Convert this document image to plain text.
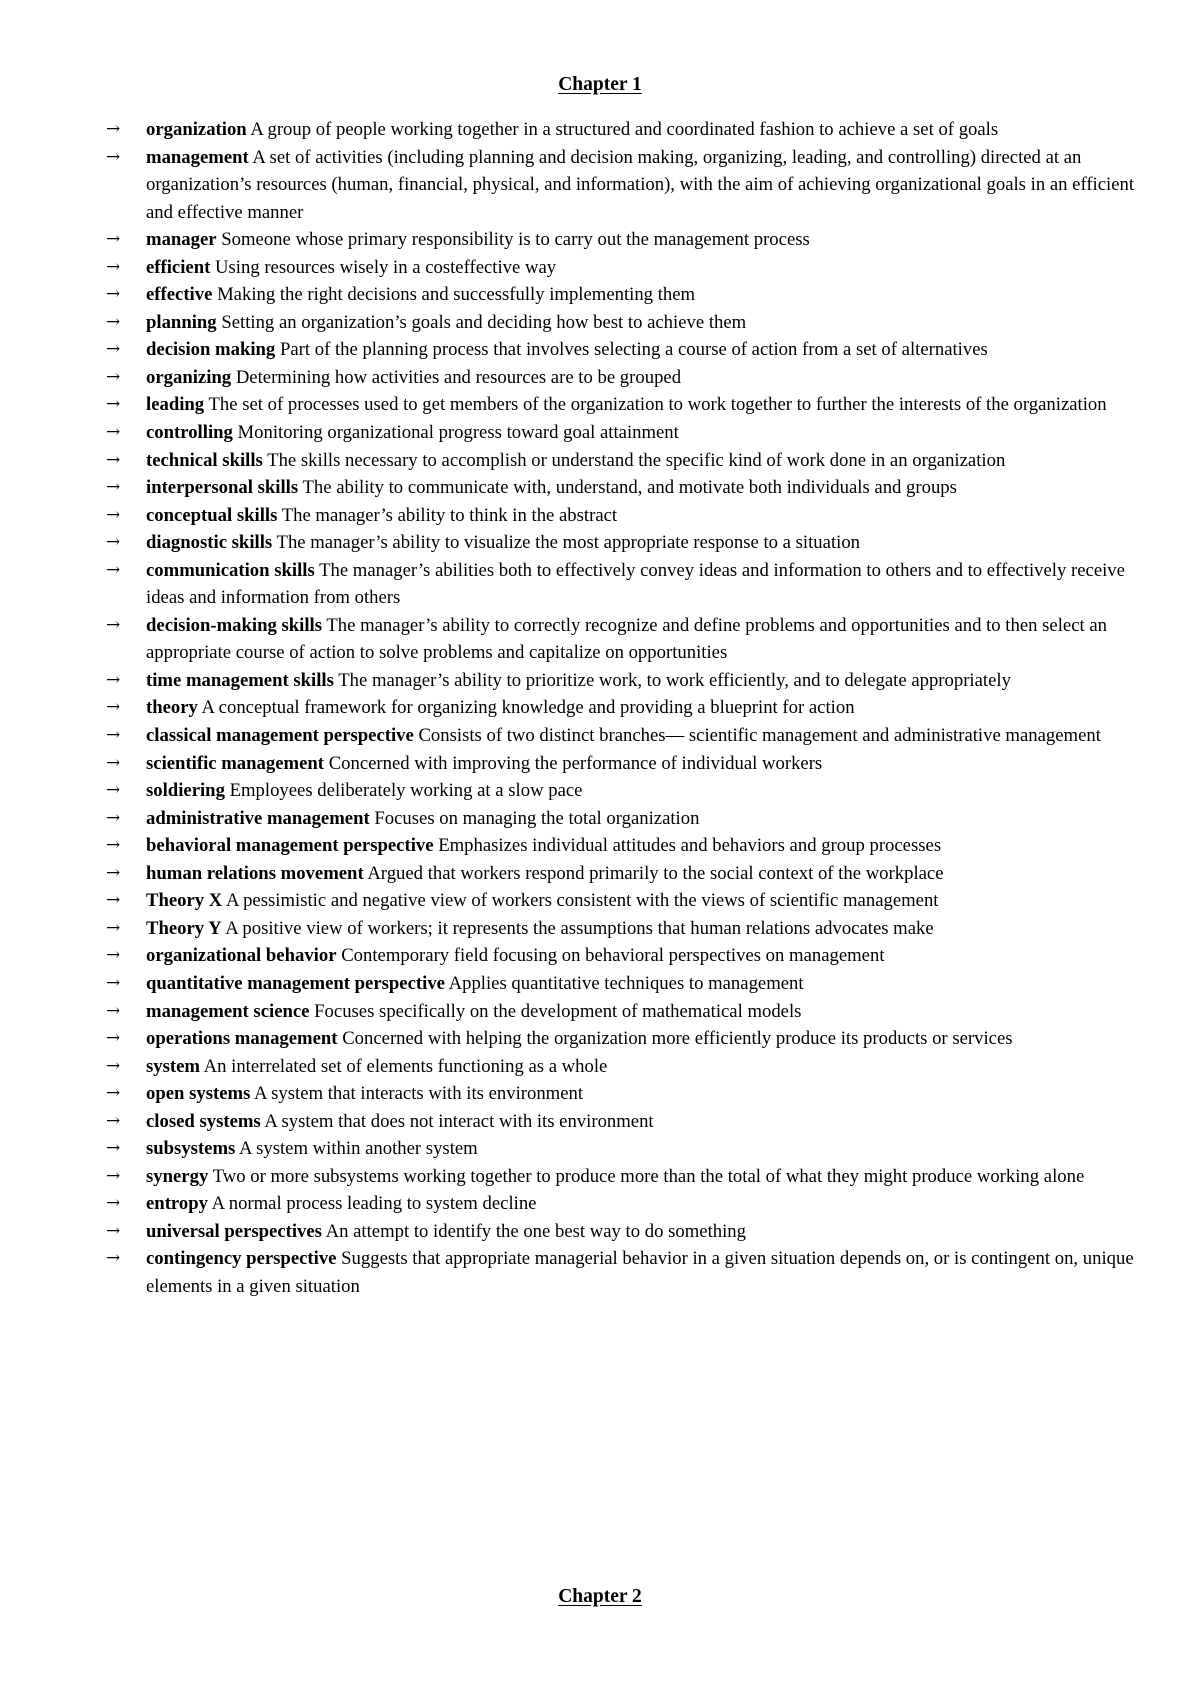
Chapter 1
→	organization A group of people working together in a structured and coordinated fashion to achieve a set of goals
→	management A set of activities (including planning and decision making, organizing, leading, and controlling) directed at an organization’s resources (human, financial, physical, and information), with the aim of achieving organizational goals in an efficient and effective manner
→	manager Someone whose primary responsibility is to carry out the management process
→	efficient Using resources wisely in a costeffective way
→	effective Making the right decisions and successfully implementing them
→	planning Setting an organization’s goals and deciding how best to achieve them
→	decision making Part of the planning process that involves selecting a course of action from a set of alternatives
→	organizing Determining how activities and resources are to be grouped
→	leading The set of processes used to get members of the organization to work together to further the interests of the organization
→	controlling Monitoring organizational progress toward goal attainment
→	technical skills The skills necessary to accomplish or understand the specific kind of work done in an organization
→	interpersonal skills The ability to communicate with, understand, and motivate both individuals and groups
→	conceptual skills The manager’s ability to think in the abstract
→	diagnostic skills The manager’s ability to visualize the most appropriate response to a situation
→	communication skills The manager’s abilities both to effectively convey ideas and information to others and to effectively receive ideas and information from others
→	decision-making skills The manager’s ability to correctly recognize and define problems and opportunities and to then select an appropriate course of action to solve problems and capitalize on opportunities
→	time management skills The manager’s ability to prioritize work, to work efficiently, and to delegate appropriately
→	theory A conceptual framework for organizing knowledge and providing a blueprint for action
→	classical management perspective Consists of two distinct branches— scientific management and administrative management
→	scientific management Concerned with improving the performance of individual workers
→	soldiering Employees deliberately working at a slow pace
→	administrative management Focuses on managing the total organization
→	behavioral management perspective Emphasizes individual attitudes and behaviors and group processes
→	human relations movement Argued that workers respond primarily to the social context of the workplace
→	Theory X A pessimistic and negative view of workers consistent with the views of scientific management
→	Theory Y A positive view of workers; it represents the assumptions that human relations advocates make
→	organizational behavior Contemporary field focusing on behavioral perspectives on management
→	quantitative management perspective Applies quantitative techniques to management
→	management science Focuses specifically on the development of mathematical models
→	operations management Concerned with helping the organization more efficiently produce its products or services
→	system An interrelated set of elements functioning as a whole
→	open systems A system that interacts with its environment
→	closed systems A system that does not interact with its environment
→	subsystems A system within another system
→	synergy Two or more subsystems working together to produce more than the total of what they might produce working alone
→	entropy A normal process leading to system decline
→	universal perspectives An attempt to identify the one best way to do something
→	contingency perspective Suggests that appropriate managerial behavior in a given situation depends on, or is contingent on, unique elements in a given situation
Chapter 2
